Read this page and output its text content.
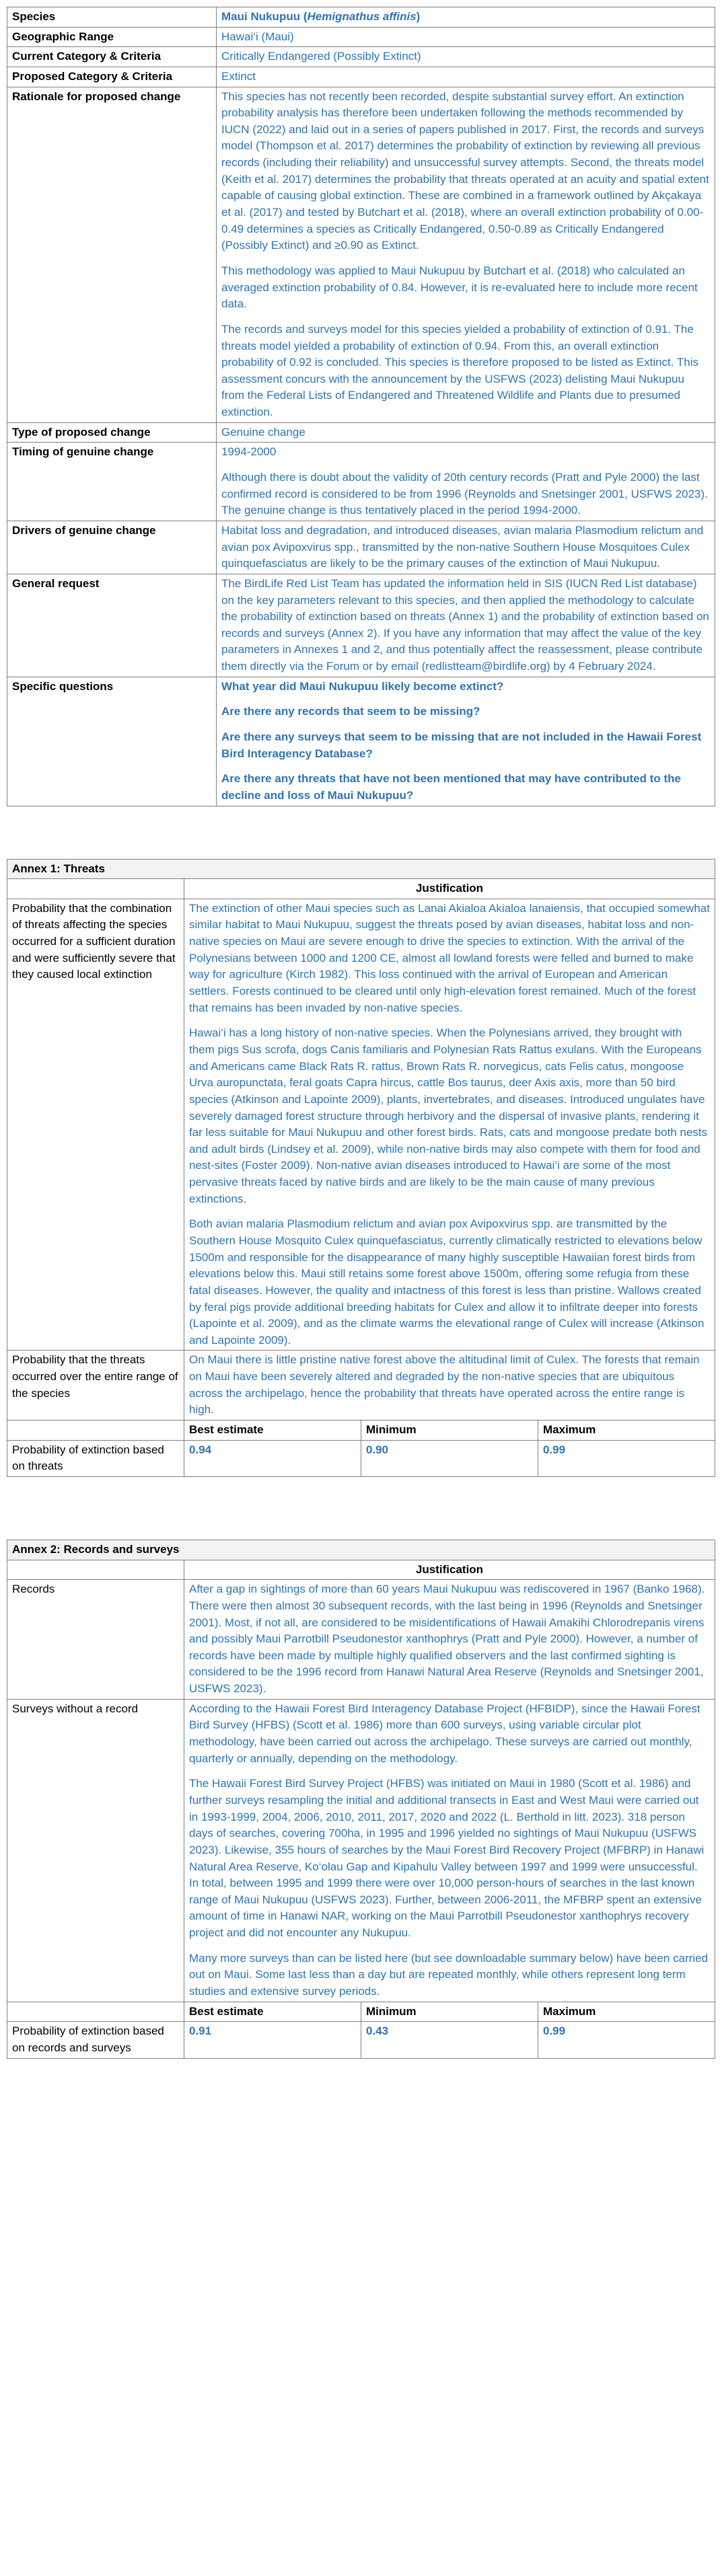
Species	Maui Nukupuu (Hemignathus affinis)
Geographic Range	Hawai‘i (Maui)
Current Category & Criteria	Critically Endangered (Possibly Extinct)
Proposed Category & Criteria	Extinct
Rationale for proposed change	This species has not recently been recorded, despite substantial survey effort. An extinction probability analysis has therefore been undertaken following the methods recommended by IUCN (2022) and laid out in a series of papers published in 2017. First, the records and surveys model (Thompson et al. 2017) determines the probability of extinction by reviewing all previous records (including their reliability) and unsuccessful survey attempts. Second, the threats model (Keith et al. 2017) determines the probability that threats operated at an acuity and spatial extent capable of causing global extinction. These are combined in a framework outlined by Akçakaya et al. (2017) and tested by Butchart et al. (2018), where an overall extinction probability of 0.00-0.49 determines a species as Critically Endangered, 0.50-0.89 as Critically Endangered (Possibly Extinct) and ≥0.90 as Extinct.

This methodology was applied to Maui Nukupuu by Butchart et al. (2018) who calculated an averaged extinction probability of 0.84. However, it is re-evaluated here to include more recent data.

The records and surveys model for this species yielded a probability of extinction of 0.91. The threats model yielded a probability of extinction of 0.94. From this, an overall extinction probability of 0.92 is concluded. This species is therefore proposed to be listed as Extinct. This assessment concurs with the announcement by the USFWS (2023) delisting Maui Nukupuu from the Federal Lists of Endangered and Threatened Wildlife and Plants due to presumed extinction.

Type of proposed change	Genuine change
Timing of genuine change	1994-2000

Although there is doubt about the validity of 20th century records (Pratt and Pyle 2000) the last confirmed record is considered to be from 1996 (Reynolds and Snetsinger 2001, USFWS 2023). The genuine change is thus tentatively placed in the period 1994-2000.

Drivers of genuine change	Habitat loss and degradation, and introduced diseases, avian malaria Plasmodium relictum and avian pox Avipoxvirus spp., transmitted by the non-native Southern House Mosquitoes Culex quinquefasciatus are likely to be the primary causes of the extinction of Maui Nukupuu.
General request	The BirdLife Red List Team has updated the information held in SIS (IUCN Red List database) on the key parameters relevant to this species, and then applied the methodology to calculate the probability of extinction based on threats (Annex 1) and the probability of extinction based on records and surveys (Annex 2). If you have any information that may affect the value of the key parameters in Annexes 1 and 2, and thus potentially affect the reassessment, please contribute them directly via the Forum or by email (redlistteam@birdlife.org) by 4 February 2024.
Specific questions	What year did Maui Nukupuu likely become extinct?

Are there any records that seem to be missing?

Are there any surveys that seem to be missing that are not included in the Hawaii Forest Bird Interagency Database?

Are there any threats that have not been mentioned that may have contributed to the decline and loss of Maui Nukupuu?

Annex 1: Threats			
	Justification		
Probability that the combination of threats affecting the species occurred for a sufficient duration and were sufficiently severe that they caused local extinction	The extinction of other Maui species such as Lanai Akialoa Akialoa lanaiensis, that occupied somewhat similar habitat to Maui Nukupuu, suggest the threats posed by avian diseases, habitat loss and non-native species on Maui are severe enough to drive the species to extinction. With the arrival of the Polynesians between 1000 and 1200 CE, almost all lowland forests were felled and burned to make way for agriculture (Kirch 1982). This loss continued with the arrival of European and American settlers. Forests continued to be cleared until only high-elevation forest remained. Much of the forest that remains has been invaded by non-native species.

Hawai‘i has a long history of non-native species. When the Polynesians arrived, they brought with them pigs Sus scrofa, dogs Canis familiaris and Polynesian Rats Rattus exulans. With the Europeans and Americans came Black Rats R. rattus, Brown Rats R. norvegicus, cats Felis catus, mongoose Urva auropunctata, feral goats Capra hircus, cattle Bos taurus, deer Axis axis, more than 50 bird species (Atkinson and Lapointe 2009), plants, invertebrates, and diseases. Introduced ungulates have severely damaged forest structure through herbivory and the dispersal of invasive plants, rendering it far less suitable for Maui Nukupuu and other forest birds. Rats, cats and mongoose predate both nests and adult birds (Lindsey et al. 2009), while non-native birds may also compete with them for food and nest-sites (Foster 2009). Non-native avian diseases introduced to Hawai‘i are some of the most pervasive threats faced by native birds and are likely to be the main cause of many previous extinctions.

Both avian malaria Plasmodium relictum and avian pox Avipoxvirus spp. are transmitted by the Southern House Mosquito Culex quinquefasciatus, currently climatically restricted to elevations below 1500m and responsible for the disappearance of many highly susceptible Hawaiian forest birds from elevations below this. Maui still retains some forest above 1500m, offering some refugia from these fatal diseases. However, the quality and intactness of this forest is less than pristine. Wallows created by feral pigs provide additional breeding habitats for Culex and allow it to infiltrate deeper into forests (Lapointe et al. 2009), and as the climate warms the elevational range of Culex will increase (Atkinson and Lapointe 2009).		

Probability that the threats occurred over the entire range of the species	On Maui there is little pristine native forest above the altitudinal limit of Culex. The forests that remain on Maui have been severely altered and degraded by the non-native species that are ubiquitous across the archipelago, hence the probability that threats have operated across the entire range is high.		
	Best estimate	Minimum	Maximum
Probability of extinction based on threats	0.94	0.90	0.99
Annex 2: Records and surveys			
	Justification		
Records	After a gap in sightings of more than 60 years Maui Nukupuu was rediscovered in 1967 (Banko 1968). There were then almost 30 subsequent records, with the last being in 1996 (Reynolds and Snetsinger 2001). Most, if not all, are considered to be misidentifications of Hawaii Amakihi Chlorodrepanis virens and possibly Maui Parrotbill Pseudonestor xanthophrys (Pratt and Pyle 2000). However, a number of records have been made by multiple highly qualified observers and the last confirmed sighting is considered to be the 1996 record from Hanawi Natural Area Reserve (Reynolds and Snetsinger 2001, USFWS 2023).		
Surveys without a record	According to the Hawaii Forest Bird Interagency Database Project (HFBIDP), since the Hawaii Forest Bird Survey (HFBS) (Scott et al. 1986) more than 600 surveys, using variable circular plot methodology, have been carried out across the archipelago. These surveys are carried out monthly, quarterly or annually, depending on the methodology.

The Hawaii Forest Bird Survey Project (HFBS) was initiated on Maui in 1980 (Scott et al. 1986) and further surveys resampling the initial and additional transects in East and West Maui were carried out in 1993-1999, 2004, 2006, 2010, 2011, 2017, 2020 and 2022 (L. Berthold in litt. 2023). 318 person days of searches, covering 700ha, in 1995 and 1996 yielded no sightings of Maui Nukupuu (USFWS 2023). Likewise, 355 hours of searches by the Maui Forest Bird Recovery Project (MFBRP) in Hanawi Natural Area Reserve, Ko‘olau Gap and Kipahulu Valley between 1997 and 1999 were unsuccessful. In total, between 1995 and 1999 there were over 10,000 person-hours of searches in the last known range of Maui Nukupuu (USFWS 2023). Further, between 2006-2011, the MFBRP spent an extensive amount of time in Hanawi NAR, working on the Maui Parrotbill Pseudonestor xanthophrys recovery project and did not encounter any Nukupuu.

Many more surveys than can be listed here (but see downloadable summary below) have been carried out on Maui. Some last less than a day but are repeated monthly, while others represent long term studies and extensive survey periods.		

	Best estimate	Minimum	Maximum
Probability of extinction based on records and surveys	0.91	0.43	0.99
